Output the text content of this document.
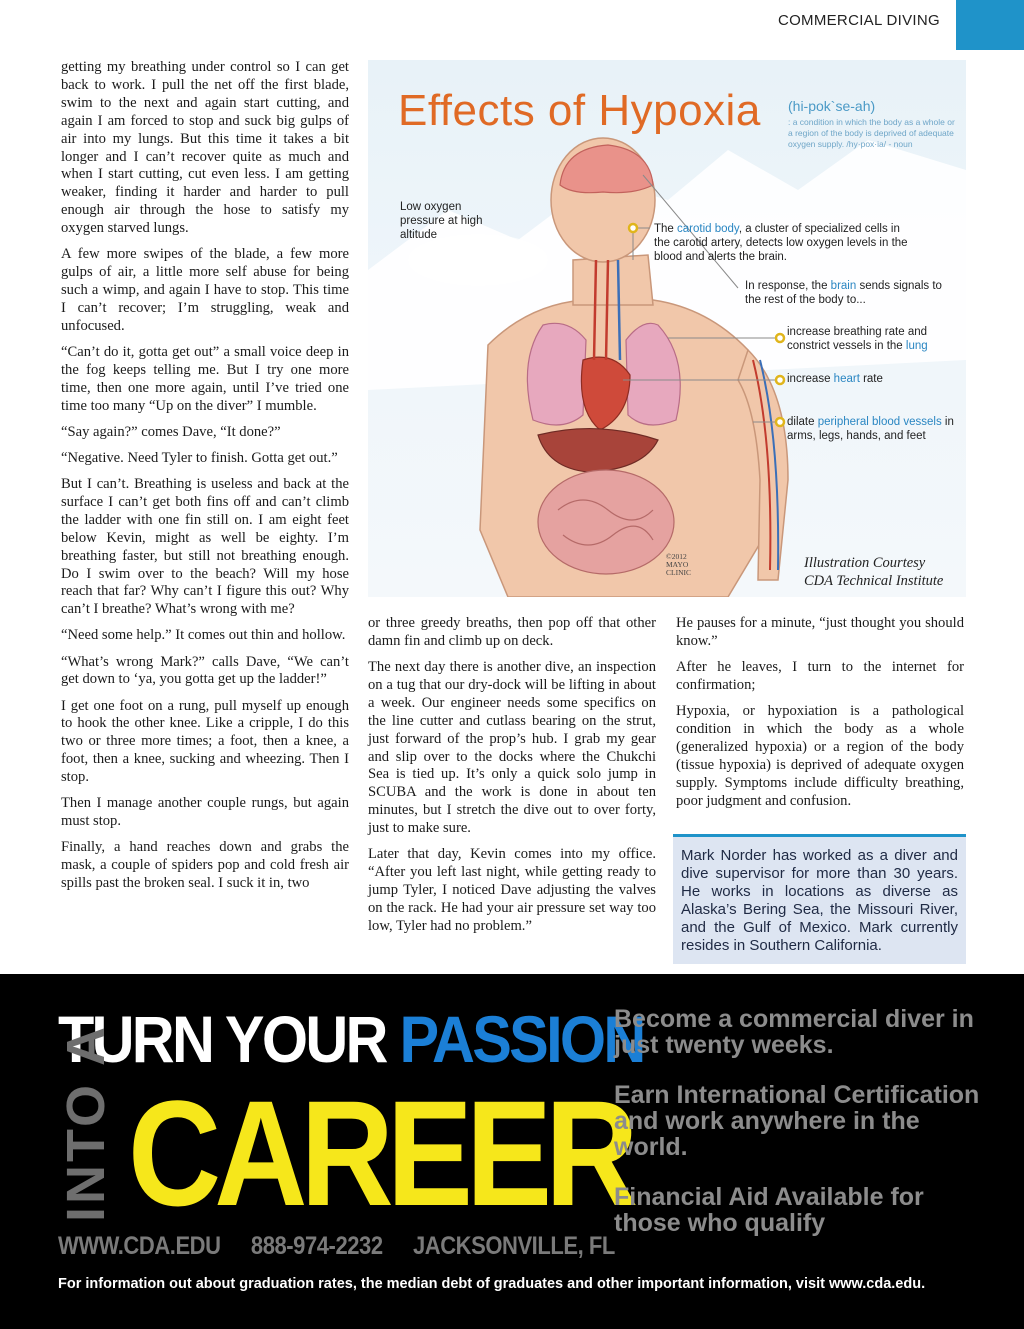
COMMERCIAL DIVING

getting my breathing under control so I can get back to work. I pull the net off the first blade, swim to the next and again start cutting, and again I am forced to stop and suck big gulps of air into my lungs. But this time it takes a bit longer and I can’t recover quite as much and when I start cutting, cut even less. I am getting weaker, finding it harder and harder to pull enough air through the hose to satisfy my oxygen starved lungs.

A few more swipes of the blade, a few more gulps of air, a little more self abuse for being such a wimp, and again I have to stop. This time I can’t recover; I’m struggling, weak and unfocused.

“Can’t do it, gotta get out” a small voice deep in the fog keeps telling me. But I try one more time, then one more again, until I’ve tried one time too many “Up on the diver” I mumble.

“Say again?” comes Dave, “It done?”

“Negative. Need Tyler to finish. Gotta get out.”

But I can’t. Breathing is useless and back at the surface I can’t get both fins off and can’t climb the ladder with one fin still on. I am eight feet below Kevin, might as well be eighty. I’m breathing faster, but still not breathing enough. Do I swim over to the beach? Will my hose reach that far? Why can’t I figure this out? Why can’t I breathe? What’s wrong with me?

“Need some help.” It comes out thin and hollow.

“What’s wrong Mark?” calls Dave, “We can’t get down to ‘ya, you gotta get up the ladder!”

I get one foot on a rung, pull myself up enough to hook the other knee. Like a cripple, I do this two or three more times; a foot, then a knee, a foot, then a knee, sucking and wheezing. Then I stop.

Then I manage another couple rungs, but again must stop.

Finally, a hand reaches down and grabs the mask, a couple of spiders pop and cold fresh air spills past the broken seal. I suck it in, two

Effects of Hypoxia (hi-pok`se-ah)
: a condition in which the body as a whole or a region of the body is deprived of adequate oxygen supply. /hy·pox·ia/ - noun
Low oxygen pressure at high altitude	The carotid body, a cluster of specialized cells in the carotid artery, detects low oxygen levels in the blood and alerts the brain.
In response, the brain sends signals to the rest of the body to...
increase breathing rate and constrict vessels in the lung
increase heart rate
dilate peripheral blood vessels in arms, legs, hands, and feet
©2012 MAYO CLINIC
Illustration Courtesy
CDA Technical Institute

or three greedy breaths, then pop off that other damn fin and climb up on deck.

The next day there is another dive, an inspection on a tug that our dry-dock will be lifting in about a week. Our engineer needs some specifics on the line cutter and cutlass bearing on the strut, just forward of the prop’s hub. I grab my gear and slip over to the docks where the Chukchi Sea is tied up. It’s only a quick solo jump in SCUBA and the work is done in about ten minutes, but I stretch the dive out to over forty, just to make sure.

Later that day, Kevin comes into my office. “After you left last night, while getting ready to jump Tyler, I noticed Dave adjusting the valves on the rack. He had your air pressure set way too low, Tyler had no problem.”

He pauses for a minute, “just thought you should know.”

After he leaves, I turn to the internet for confirmation;

Hypoxia, or hypoxiation is a pathological condition in which the body as a whole (generalized hypoxia) or a region of the body (tissue hypoxia) is deprived of adequate oxygen supply. Symptoms include difficulty breathing, poor judgment and confusion.

Mark Norder has worked as a diver and dive supervisor for more than 30 years. He works in locations as diverse as Alaska’s Bering Sea, the Missouri River, and the Gulf of Mexico. Mark currently resides in Southern California.
TURN YOUR PASSION
INTO A CAREER
WWW.CDA.EDU 888-974-2232 JACKSONVILLE, FL

Become a commercial diver in just twenty weeks.

Earn International Certification and work anywhere in the world.

Financial Aid Available for those who qualify

For information out about graduation rates, the median debt of graduates and other important information, visit www.cda.edu.
